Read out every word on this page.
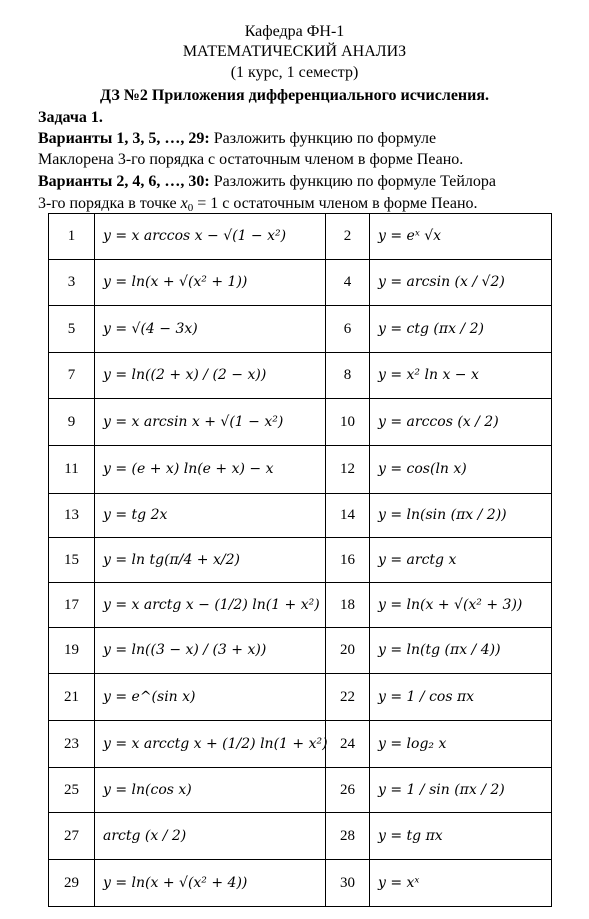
Кафедра ФН-1
МАТЕМАТИЧЕСКИЙ АНАЛИЗ
(1 курс, 1 семестр)
ДЗ №2 Приложения дифференциального исчисления.
Задача 1.
Варианты 1, 3, 5, …, 29: Разложить функцию по формуле
Маклорена 3-го порядка с остаточным членом в форме Пеано.
Варианты 2, 4, 6, …, 30: Разложить функцию по формуле Тейлора
3-го порядка в точке $x_0 = 1$ с остаточным членом в форме Пеано.
1	y = x arccos x − √(1 − x²)	2	y = eˣ √x
3	y = ln(x + √(x² + 1))	4	y = arcsin (x / √2)
5	y = √(4 − 3x)	6	y = ctg (πx / 2)
7	y = ln((2 + x) / (2 − x))	8	y = x² ln x − x
9	y = x arcsin x + √(1 − x²)	10	y = arccos (x / 2)
11	y = (e + x) ln(e + x) − x	12	y = cos(ln x)
13	y = tg 2x	14	y = ln(sin (πx / 2))
15	y = ln tg(π/4 + x/2)	16	y = arctg x
17	y = x arctg x − (1/2) ln(1 + x²)	18	y = ln(x + √(x² + 3))
19	y = ln((3 − x) / (3 + x))	20	y = ln(tg (πx / 4))
21	y = e^(sin x)	22	y = 1 / cos πx
23	y = x arcctg x + (1/2) ln(1 + x²)	24	y = log₂ x
25	y = ln(cos x)	26	y = 1 / sin (πx / 2)
27	arctg (x / 2)	28	y = tg πx
29	y = ln(x + √(x² + 4))	30	y = xˣ
